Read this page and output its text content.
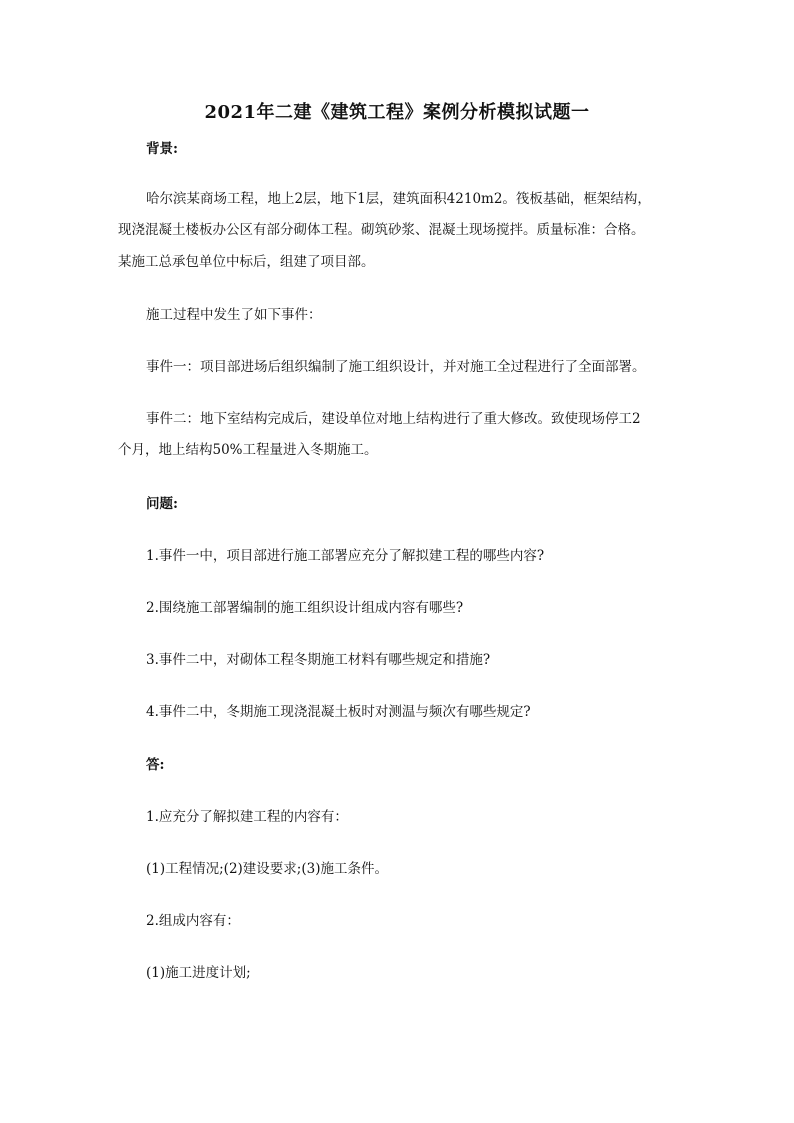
2021年二建《建筑工程》案例分析模拟试题一
背景:
哈尔滨某商场工程，地上2层，地下1层，建筑面积4210m2。筏板基础，框架结构，
现浇混凝土楼板办公区有部分砌体工程。砌筑砂浆、混凝土现场搅拌。质量标准：合格。
某施工总承包单位中标后，组建了项目部。
施工过程中发生了如下事件：
事件一：项目部进场后组织编制了施工组织设计，并对施工全过程进行了全面部署。
事件二：地下室结构完成后，建设单位对地上结构进行了重大修改。致使现场停工2
个月，地上结构50%工程量进入冬期施工。
问题:
1.事件一中，项目部进行施工部署应充分了解拟建工程的哪些内容?
2.围绕施工部署编制的施工组织设计组成内容有哪些?
3.事件二中，对砌体工程冬期施工材料有哪些规定和措施?
4.事件二中，冬期施工现浇混凝土板时对测温与频次有哪些规定?
答:
1.应充分了解拟建工程的内容有：
(1)工程情况;(2)建设要求;(3)施工条件。
2.组成内容有：
(1)施工进度计划;
